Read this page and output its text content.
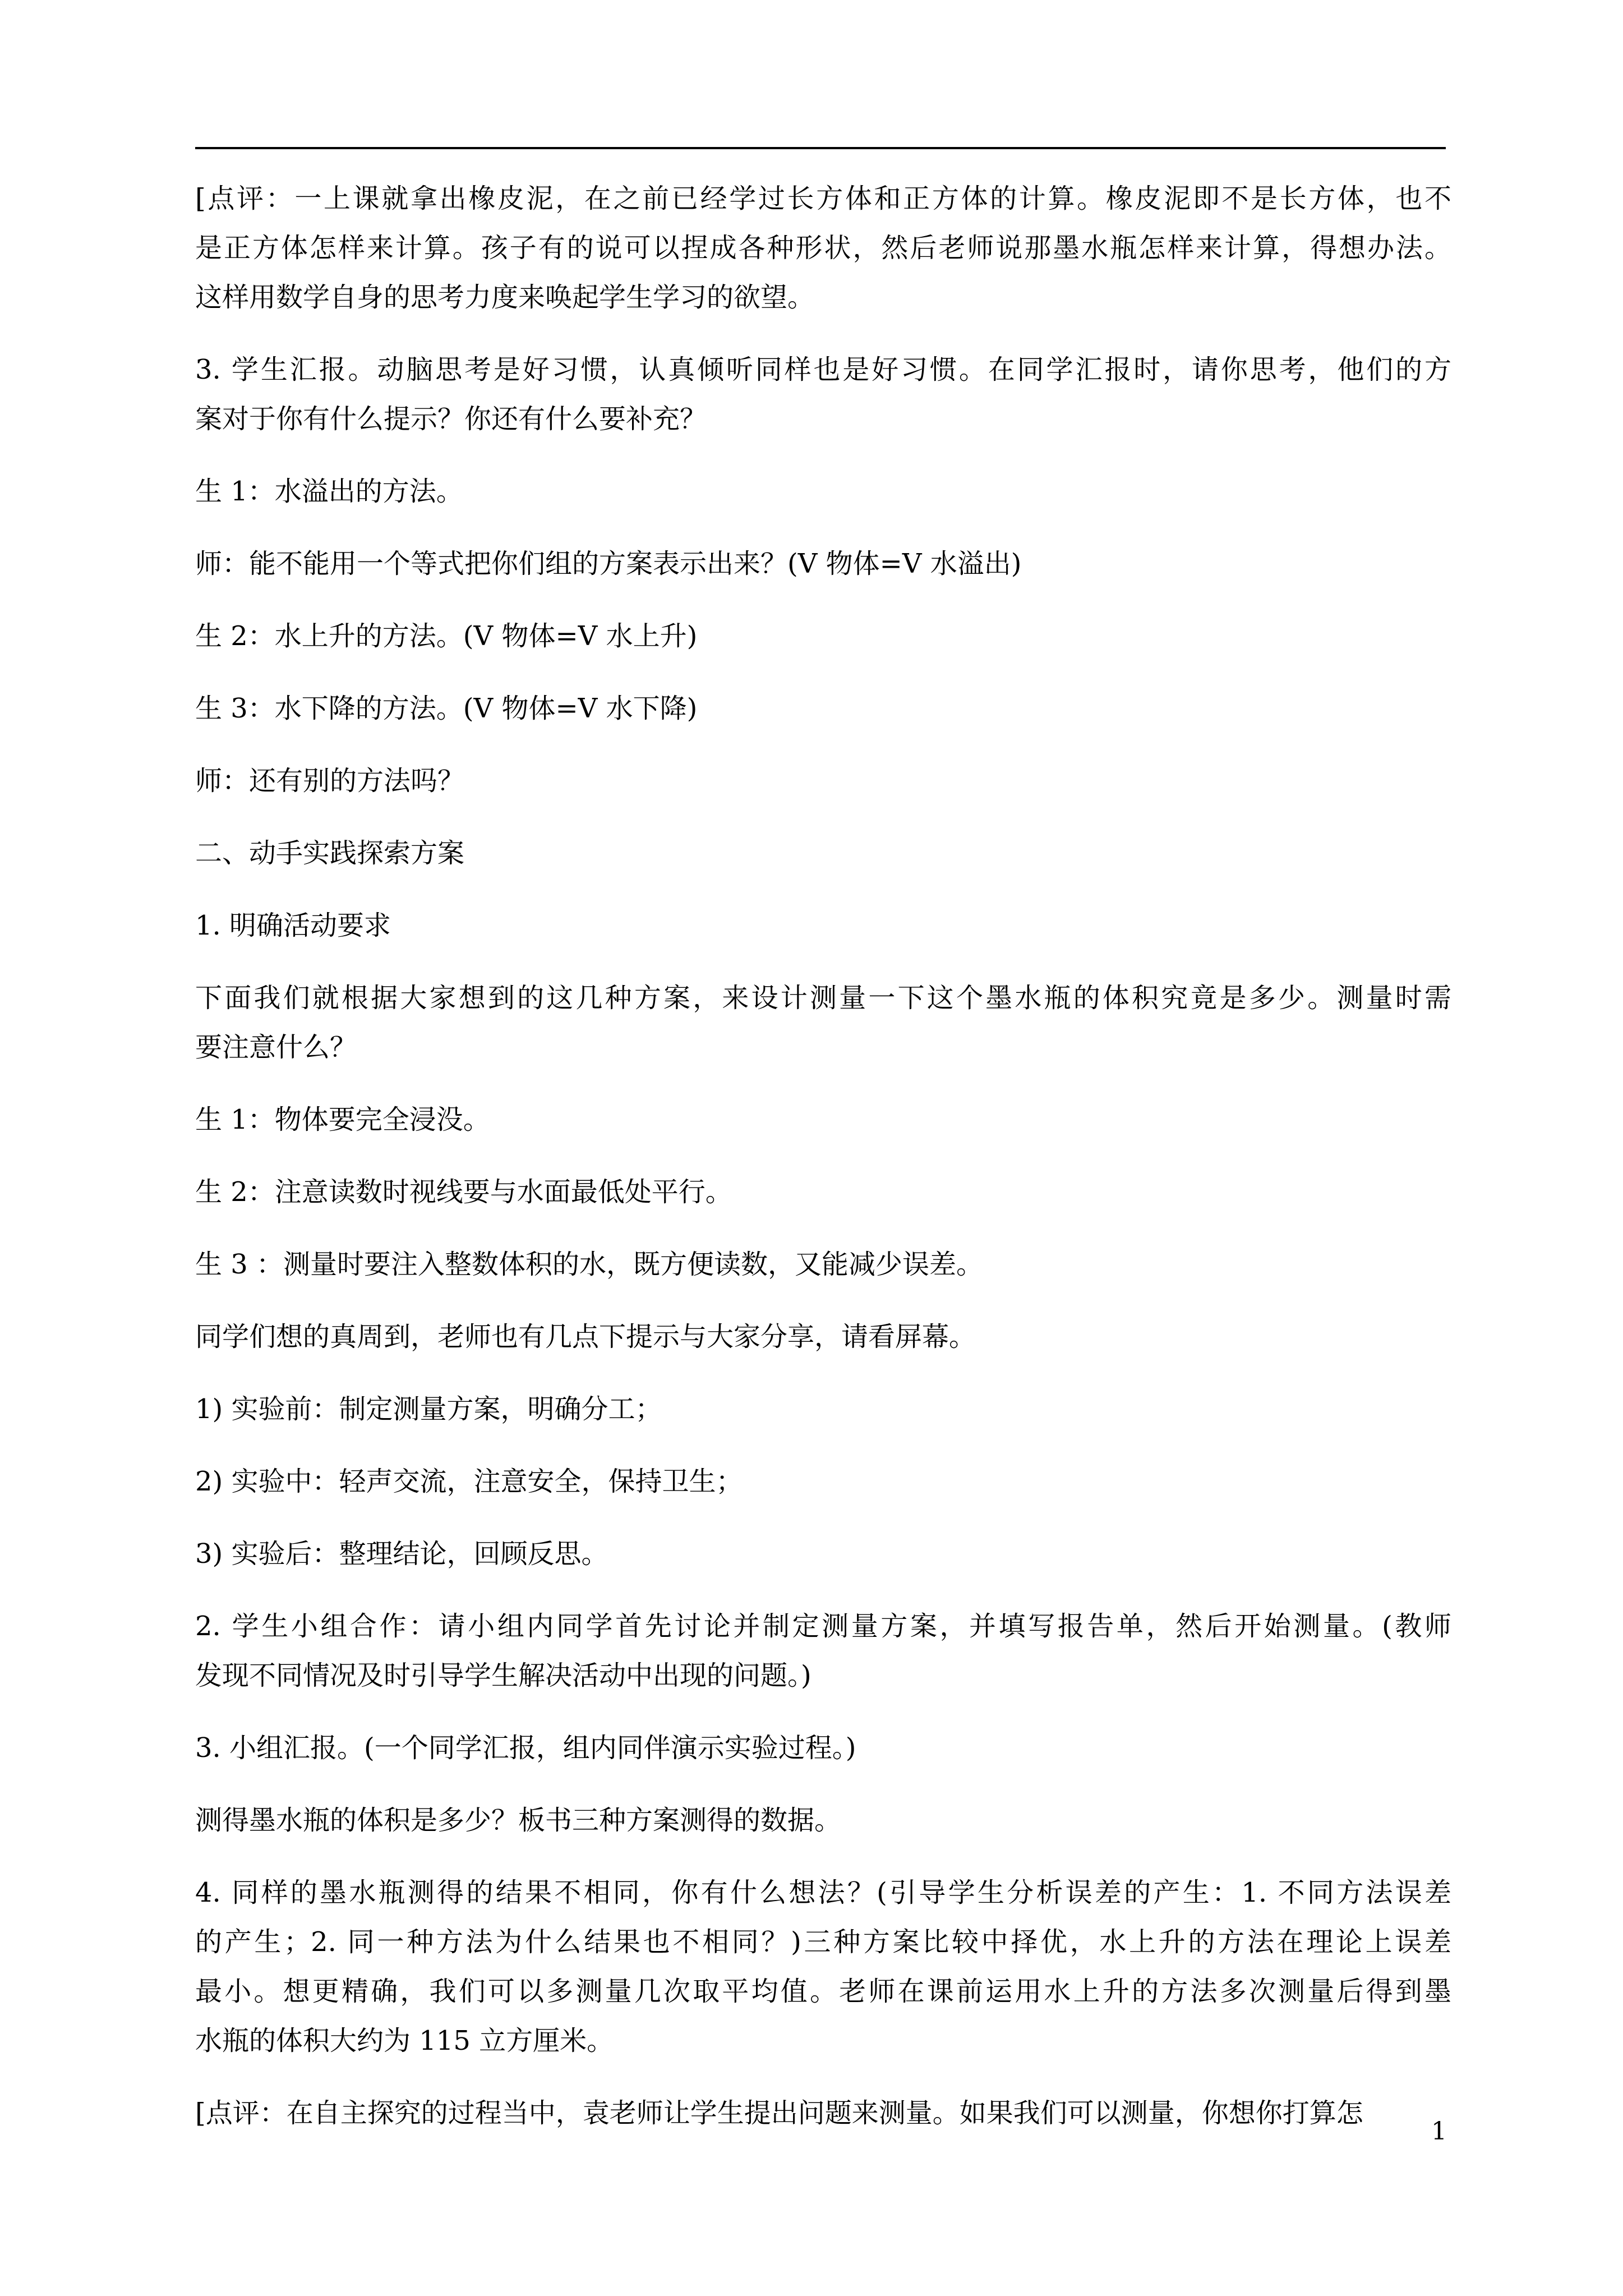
[点评：一上课就拿出橡皮泥，在之前已经学过长方体和正方体的计算。橡皮泥即不是长方体，也不
是正方体怎样来计算。孩子有的说可以捏成各种形状，然后老师说那墨水瓶怎样来计算，得想办法。
这样用数学自身的思考力度来唤起学生学习的欲望。
3. 学生汇报。动脑思考是好习惯，认真倾听同样也是好习惯。在同学汇报时，请你思考，他们的方
案对于你有什么提示？你还有什么要补充？
生 1：水溢出的方法。
师：能不能用一个等式把你们组的方案表示出来？(V 物体=V 水溢出)
生 2：水上升的方法。(V 物体=V 水上升)
生 3：水下降的方法。(V 物体=V 水下降)
师：还有别的方法吗？
二、动手实践探索方案
1. 明确活动要求
下面我们就根据大家想到的这几种方案，来设计测量一下这个墨水瓶的体积究竟是多少。测量时需
要注意什么？
生 1：物体要完全浸没。
生 2：注意读数时视线要与水面最低处平行。
生 3 ：测量时要注入整数体积的水，既方便读数，又能减少误差。
同学们想的真周到，老师也有几点下提示与大家分享，请看屏幕。
1) 实验前：制定测量方案，明确分工；
2) 实验中：轻声交流，注意安全，保持卫生；
3) 实验后：整理结论，回顾反思。
2. 学生小组合作：请小组内同学首先讨论并制定测量方案，并填写报告单，然后开始测量。(教师
发现不同情况及时引导学生解决活动中出现的问题。)
3. 小组汇报。(一个同学汇报，组内同伴演示实验过程。)
测得墨水瓶的体积是多少？板书三种方案测得的数据。
4. 同样的墨水瓶测得的结果不相同，你有什么想法？(引导学生分析误差的产生：1. 不同方法误差
的产生；2. 同一种方法为什么结果也不相同？)三种方案比较中择优，水上升的方法在理论上误差
最小。想更精确，我们可以多测量几次取平均值。老师在课前运用水上升的方法多次测量后得到墨
水瓶的体积大约为 115 立方厘米。
[点评：在自主探究的过程当中，袁老师让学生提出问题来测量。如果我们可以测量，你想你打算怎
1
